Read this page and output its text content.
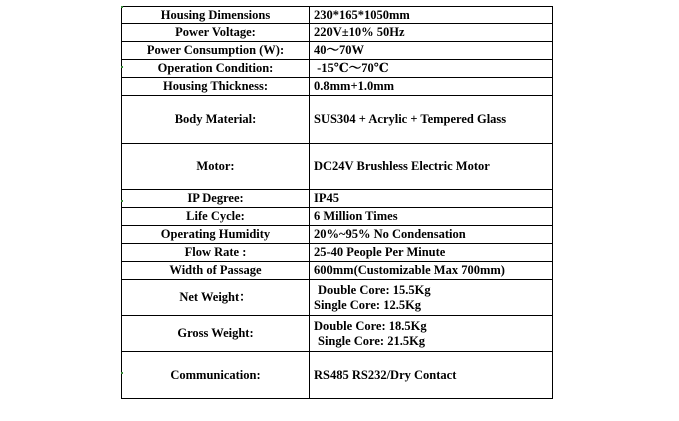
Housing Dimensions	230*165*1050mm
Power Voltage:	220V±10% 50Hz
Power Consumption (W):	40～70W
Operation Condition:	-15℃～70℃
Housing Thickness:	0.8mm+1.0mm
Body Material:	SUS304 + Acrylic + Tempered Glass
Motor:	DC24V Brushless Electric Motor
IP Degree:	IP45
Life Cycle:	6 Million Times
Operating Humidity	20%~95% No Condensation
Flow Rate :	25-40 People Per Minute
Width of Passage	600mm(Customizable Max 700mm)
Net Weight：	Double Core: 15.5Kg
Single Core: 12.5Kg

Gross Weight:	Double Core: 18.5Kg
Single Core: 21.5Kg

Communication:	RS485 RS232/Dry Contact
